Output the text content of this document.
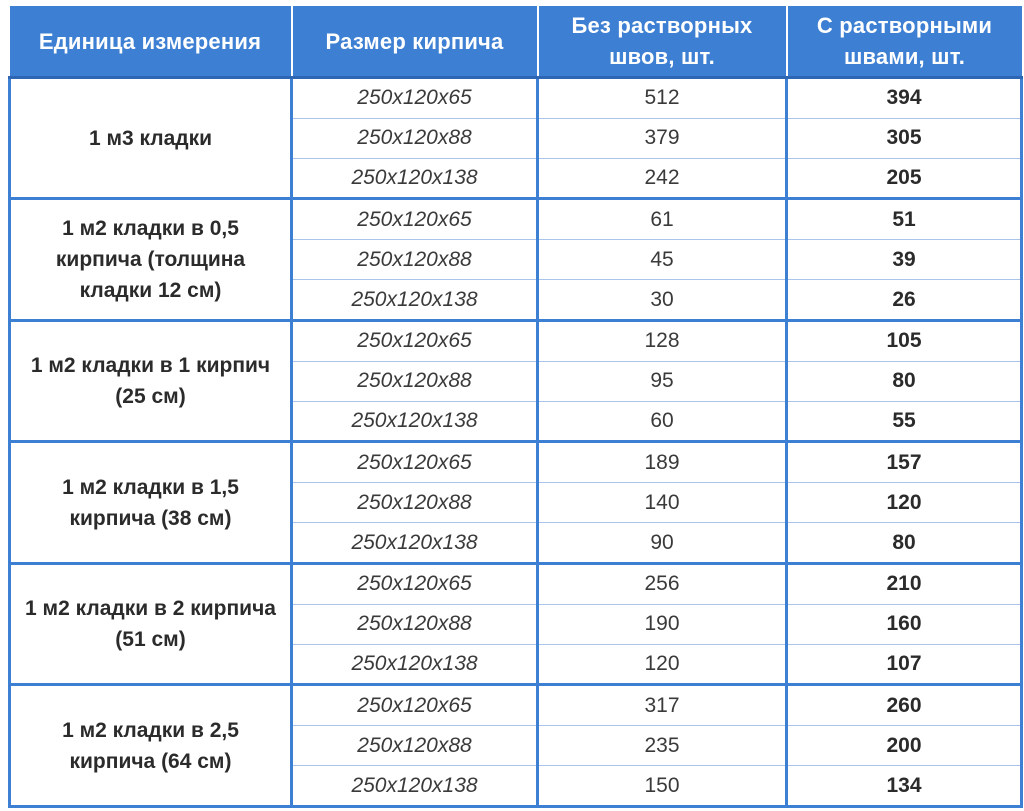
Единица измерения	Размер кирпича	Без растворных швов, шт.	С растворными швами, шт.
1 м3 кладки	250х120х65	512	394
	250х120х88	379	305
	250х120х138	242	205
1 м2 кладки в 0,5 кирпича (толщина кладки 12 см)	250х120х65	61	51
	250х120х88	45	39
	250х120х138	30	26
1 м2 кладки в 1 кирпич (25 см)	250х120х65	128	105
	250х120х88	95	80
	250х120х138	60	55
1 м2 кладки в 1,5 кирпича (38 см)	250х120х65	189	157
	250х120х88	140	120
	250х120х138	90	80
1 м2 кладки в 2 кирпича (51 см)	250х120х65	256	210
	250х120х88	190	160
	250х120х138	120	107
1 м2 кладки в 2,5 кирпича (64 см)	250х120х65	317	260
	250х120х88	235	200
	250х120х138	150	134
